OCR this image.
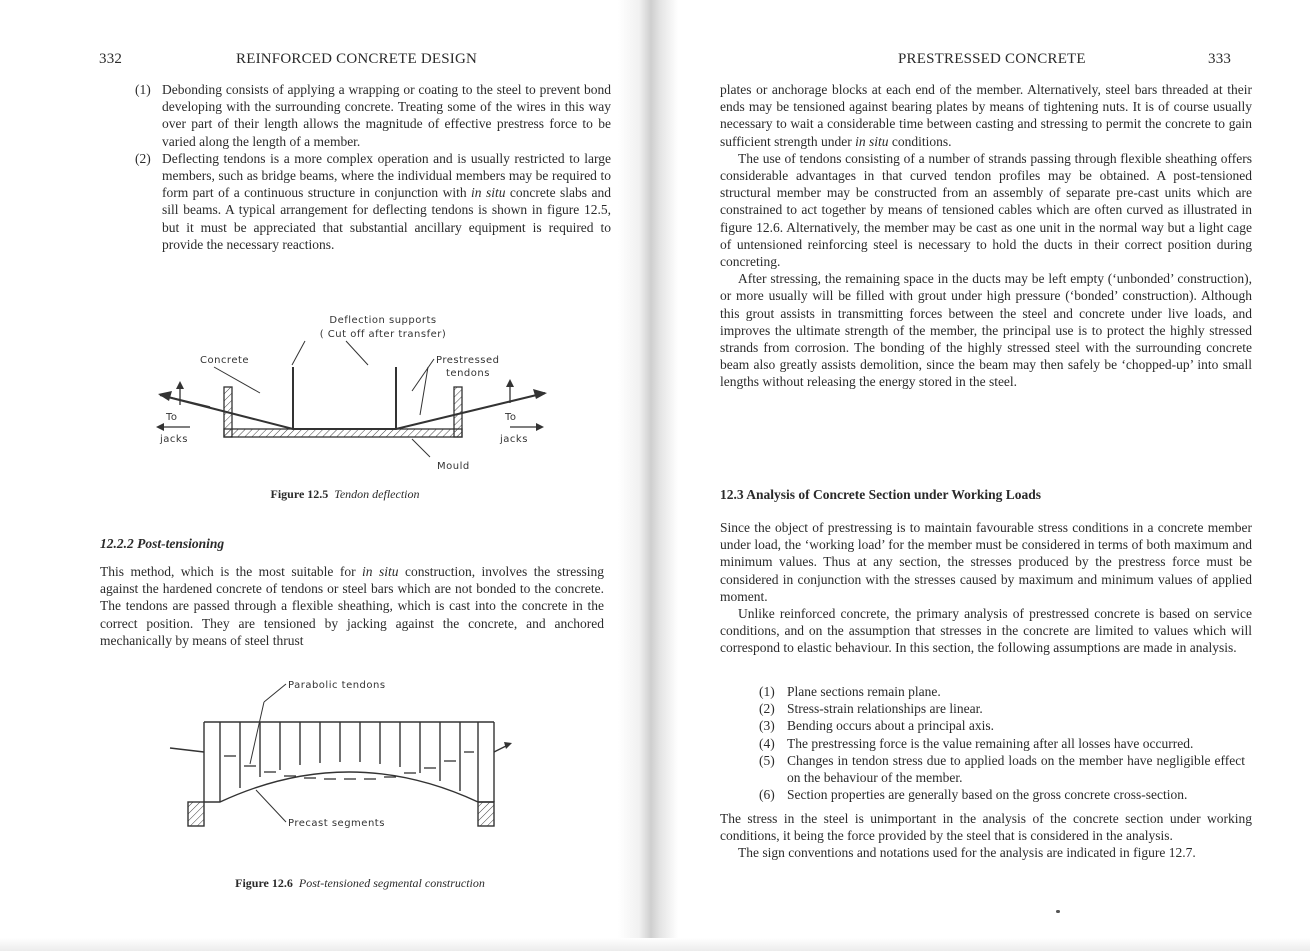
332	REINFORCED CONCRETE DESIGN
(1) Debonding consists of applying a wrapping or coating to the steel to prevent bond developing with the surrounding concrete. Treating some of the wires in this way over part of their length allows the magnitude of effective prestress force to be varied along the length of a member.
(2) Deflecting tendons is a more complex operation and is usually restricted to large members, such as bridge beams, where the individual members may be required to form part of a continuous structure in conjunction with in situ concrete slabs and sill beams. A typical arrangement for deflecting tendons is shown in figure 12.5, but it must be appreciated that substantial ancillary equipment is required to provide the necessary reactions.
Deflection supports
( Cut off after transfer)
Concrete	Prestressed
tendons
To
jacks
To
jacks
Mould
Figure 12.5 Tendon deflection
12.2.2 Post-tensioning

This method, which is the most suitable for in situ construction, involves the stressing against the hardened concrete of tendons or steel bars which are not bonded to the concrete. The tendons are passed through a flexible sheathing, which is cast into the concrete in the correct position. They are tensioned by jacking against the concrete, and anchored mechanically by means of steel thrust

Parabolic tendons
Precast segments
Figure 12.6 Post-tensioned segmental construction
PRESTRESSED CONCRETE	333

plates or anchorage blocks at each end of the member. Alternatively, steel bars threaded at their ends may be tensioned against bearing plates by means of tightening nuts. It is of course usually necessary to wait a considerable time between casting and stressing to permit the concrete to gain sufficient strength under in situ conditions.

The use of tendons consisting of a number of strands passing through flexible sheathing offers considerable advantages in that curved tendon profiles may be obtained. A post-tensioned structural member may be constructed from an assembly of separate pre-cast units which are constrained to act together by means of tensioned cables which are often curved as illustrated in figure 12.6. Alternatively, the member may be cast as one unit in the normal way but a light cage of untensioned reinforcing steel is necessary to hold the ducts in their correct position during concreting.

After stressing, the remaining space in the ducts may be left empty (‘unbonded’ construction), or more usually will be filled with grout under high pressure (‘bonded’ construction). Although this grout assists in transmitting forces between the steel and concrete under live loads, and improves the ultimate strength of the member, the principal use is to protect the highly stressed strands from corrosion. The bonding of the highly stressed steel with the surrounding concrete beam also greatly assists demolition, since the beam may then safely be ‘chopped-up’ into small lengths without releasing the energy stored in the steel.

12.3 Analysis of Concrete Section under Working Loads

Since the object of prestressing is to maintain favourable stress conditions in a concrete member under load, the ‘working load’ for the member must be considered in terms of both maximum and minimum values. Thus at any section, the stresses produced by the prestress force must be considered in conjunction with the stresses caused by maximum and minimum values of applied moment.

Unlike reinforced concrete, the primary analysis of prestressed concrete is based on service conditions, and on the assumption that stresses in the concrete are limited to values which will correspond to elastic behaviour. In this section, the following assumptions are made in analysis.

(1) Plane sections remain plane.
(2) Stress-strain relationships are linear.
(3) Bending occurs about a principal axis.
(4) The prestressing force is the value remaining after all losses have occurred.
(5) Changes in tendon stress due to applied loads on the member have negligible effect on the behaviour of the member.
(6) Section properties are generally based on the gross concrete cross-section.

The stress in the steel is unimportant in the analysis of the concrete section under working conditions, it being the force provided by the steel that is considered in the analysis.

The sign conventions and notations used for the analysis are indicated in figure 12.7.
